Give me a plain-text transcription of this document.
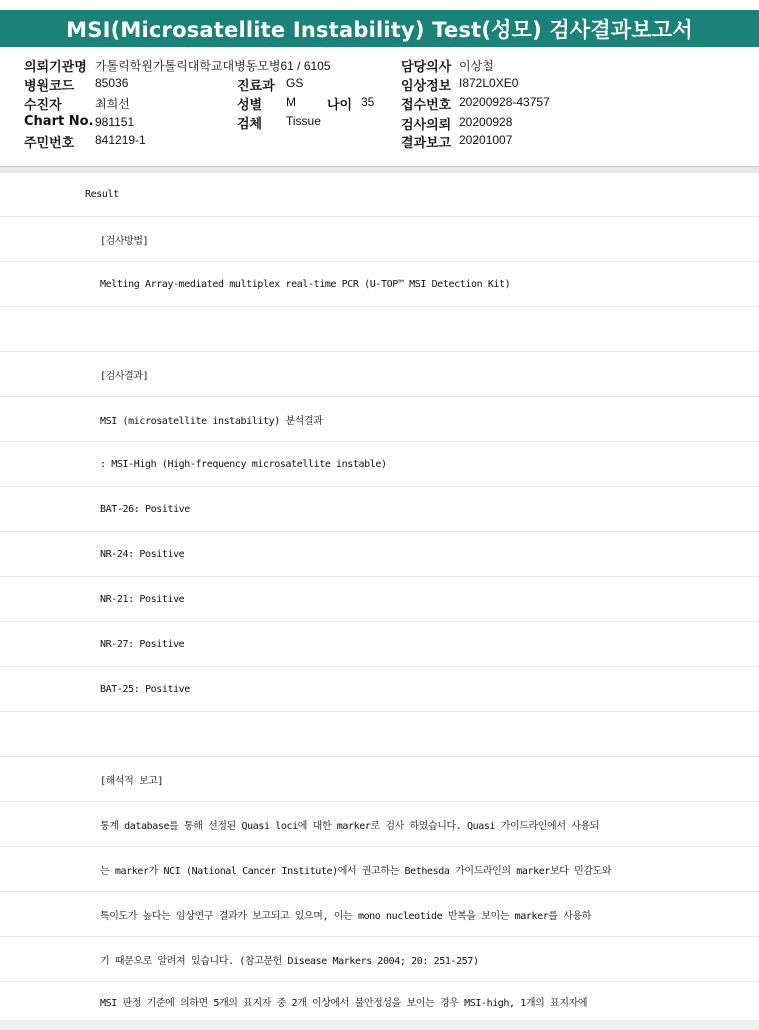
MSI(Microsatellite Instability) Test(성모) 검사결과보고서
의뢰기관명 가톨릭학원가톨릭대학교대병동모병61 / 6105
병원코드 85036
수진자	최희선
Chart No. 981151
주민번호 841219-1
진료과 GS
성별 M 나이 35
검체 Tissue
담당의사 이상철
임상정보 I872L0XE0
접수번호 20200928-43757
검사의뢰 20200928
결과보고 20201007
Result
[검사방법]
Melting Array-mediated multiplex real-time PCR (U-TOP™ MSI Detection Kit)
[검사결과]
MSI (microsatellite instability) 분석결과
: MSI-High (High-frequency microsatellite instable)
BAT-26: Positive
NR-24: Positive
NR-21: Positive
NR-27: Positive
BAT-25: Positive
[해석적 보고]
통계 database를 통해 선정된 Quasi loci에 대한 marker로 검사 하였습니다. Quasi 가이드라인에서 사용되
는 marker가 NCI (National Cancer Institute)에서 권고하는 Bethesda 가이드라인의 marker보다 민감도와
특이도가 높다는 임상연구 결과가 보고되고 있으며, 이는 mono nucleotide 반복을 보이는 marker를 사용하
기 때문으로 알려져 있습니다. (참고문헌 Disease Markers 2004; 20: 251-257)
MSI 판정 기준에 의하면 5개의 표지자 중 2개 이상에서 불안정성을 보이는 경우 MSI-high, 1개의 표지자에
